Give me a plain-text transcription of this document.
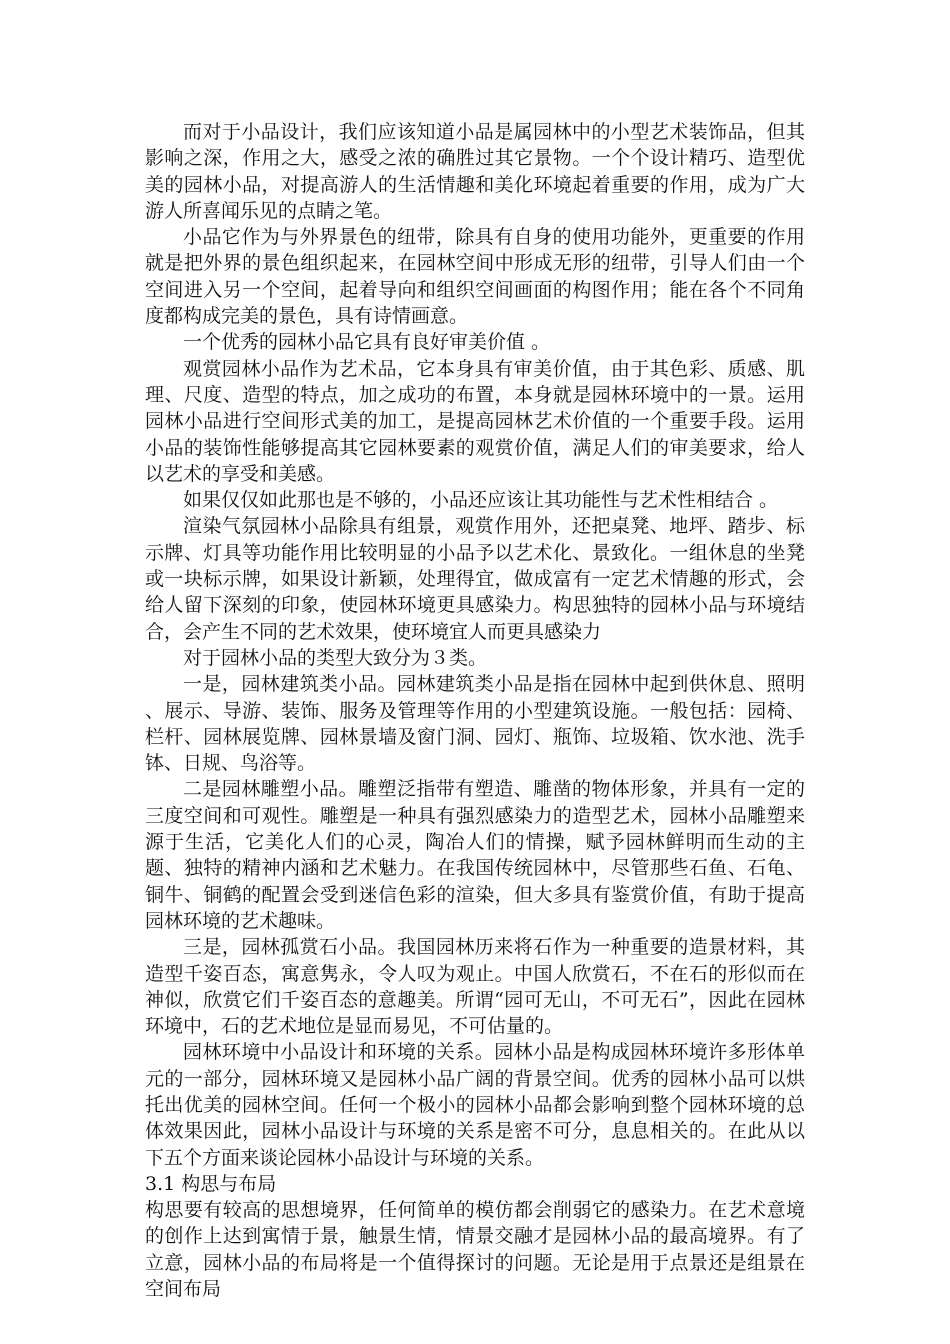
而对于小品设计，我们应该知道小品是属园林中的小型艺术装饰品，但其影响之深，作用之大，感受之浓的确胜过其它景物。一个个设计精巧、造型优美的园林小品，对提高游人的生活情趣和美化环境起着重要的作用，成为广大游人所喜闻乐见的点睛之笔。

小品它作为与外界景色的纽带，除具有自身的使用功能外，更重要的作用就是把外界的景色组织起来，在园林空间中形成无形的纽带，引导人们由一个空间进入另一个空间，起着导向和组织空间画面的构图作用；能在各个不同角度都构成完美的景色，具有诗情画意。

一个优秀的园林小品它具有良好审美价值 。

观赏园林小品作为艺术品，它本身具有审美价值，由于其色彩、质感、肌理、尺度、造型的特点，加之成功的布置，本身就是园林环境中的一景。运用园林小品进行空间形式美的加工，是提高园林艺术价值的一个重要手段。运用小品的装饰性能够提高其它园林要素的观赏价值，满足人们的审美要求，给人以艺术的享受和美感。

如果仅仅如此那也是不够的，小品还应该让其功能性与艺术性相结合 。

渲染气氛园林小品除具有组景，观赏作用外，还把桌凳、地坪、踏步、标示牌、灯具等功能作用比较明显的小品予以艺术化、景致化。一组休息的坐凳或一块标示牌，如果设计新颖，处理得宜，做成富有一定艺术情趣的形式，会给人留下深刻的印象，使园林环境更具感染力。构思独特的园林小品与环境结合，会产生不同的艺术效果，使环境宜人而更具感染力

对于园林小品的类型大致分为３类。

一是，园林建筑类小品。园林建筑类小品是指在园林中起到供休息、照明 、展示、导游、装饰、服务及管理等作用的小型建筑设施。一般包括：园椅、栏杆、园林展览牌、园林景墙及窗门洞、园灯、瓶饰、垃圾箱、饮水池、洗手钵、日规、鸟浴等。

二是园林雕塑小品。雕塑泛指带有塑造、雕凿的物体形象，并具有一定的三度空间和可观性。雕塑是一种具有强烈感染力的造型艺术，园林小品雕塑来源于生活，它美化人们的心灵，陶冶人们的情操，赋予园林鲜明而生动的主题、独特的精神内涵和艺术魅力。在我国传统园林中，尽管那些石鱼、石龟、铜牛、铜鹤的配置会受到迷信色彩的渲染，但大多具有鉴赏价值，有助于提高园林环境的艺术趣味。

三是，园林孤赏石小品。我国园林历来将石作为一种重要的造景材料，其造型千姿百态，寓意隽永，令人叹为观止。中国人欣赏石，不在石的形似而在神似，欣赏它们千姿百态的意趣美。所谓“园可无山，不可无石”，因此在园林环境中，石的艺术地位是显而易见，不可估量的。

园林环境中小品设计和环境的关系。园林小品是构成园林环境许多形体单元的一部分，园林环境又是园林小品广阔的背景空间。优秀的园林小品可以烘托出优美的园林空间。任何一个极小的园林小品都会影响到整个园林环境的总体效果因此，园林小品设计与环境的关系是密不可分，息息相关的。在此从以下五个方面来谈论园林小品设计与环境的关系。

3.1 构思与布局

构思要有较高的思想境界，任何简单的模仿都会削弱它的感染力。在艺术意境的创作上达到寓情于景，触景生情，情景交融才是园林小品的最高境界。有了立意，园林小品的布局将是一个值得探讨的问题。无论是用于点景还是组景在空间布局
